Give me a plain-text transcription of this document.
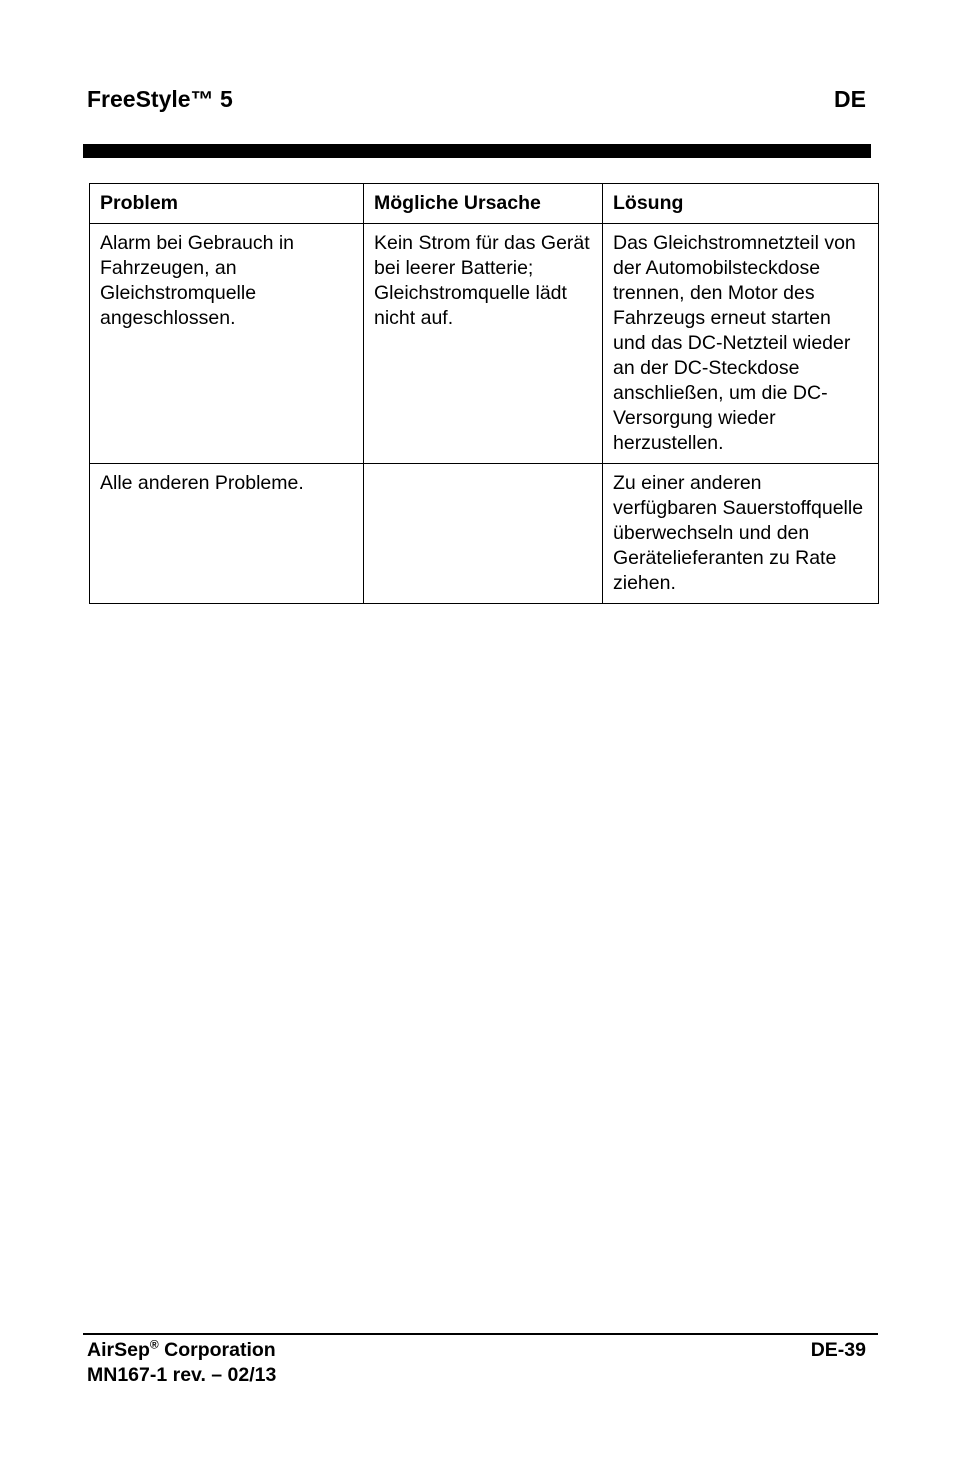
FreeStyle™ 5	DE
Problem	Mögliche Ursache	Lösung
Alarm bei Gebrauch in Fahrzeugen, an Gleichstromquelle angeschlossen.	Kein Strom für das Gerät bei leerer Batterie; Gleichstromquelle lädt nicht auf.	Das Gleichstromnetzteil von der Automobilsteckdose trennen, den Motor des Fahrzeugs erneut starten und das DC-Netzteil wieder an der DC-Steckdose anschließen, um die DC-Versorgung wieder herzustellen.
Alle anderen Probleme.		Zu einer anderen verfügbaren Sauerstoffquelle überwechseln und den Gerätelieferanten zu Rate ziehen.
AirSep® Corporation
MN167-1 rev. – 02/13
DE-39
